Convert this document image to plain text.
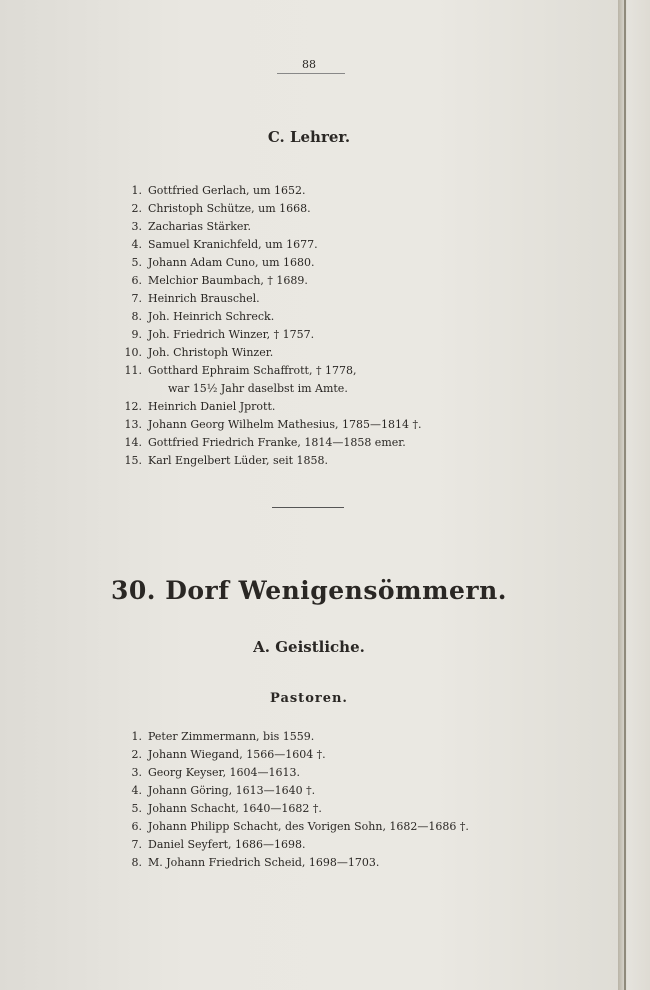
88
C. Lehrer.
1. Gottfried Gerlach, um 1652.
2. Christoph Schütze, um 1668.
3. Zacharias Stärker.
4. Samuel Kranichfeld, um 1677.
5. Johann Adam Cuno, um 1680.
6. Melchior Baumbach, † 1689.
7. Heinrich Brauschel.
8. Joh. Heinrich Schreck.
9. Joh. Friedrich Winzer, † 1757.
10. Joh. Christoph Winzer.
11. Gotthard Ephraim Schaffrott, † 1778,
war 15½ Jahr daselbst im Amte.
12. Heinrich Daniel Jprott.
13. Johann Georg Wilhelm Mathesius, 1785—1814 †.
14. Gottfried Friedrich Franke, 1814—1858 emer.
15. Karl Engelbert Lüder, seit 1858.
30. Dorf Wenigensömmern.
A. Geistliche.
Pastoren.
1. Peter Zimmermann, bis 1559.
2. Johann Wiegand, 1566—1604 †.
3. Georg Keyser, 1604—1613.
4. Johann Göring, 1613—1640 †.
5. Johann Schacht, 1640—1682 †.
6. Johann Philipp Schacht, des Vorigen Sohn, 1682—1686 †.
7. Daniel Seyfert, 1686—1698.
8. M. Johann Friedrich Scheid, 1698—1703.
